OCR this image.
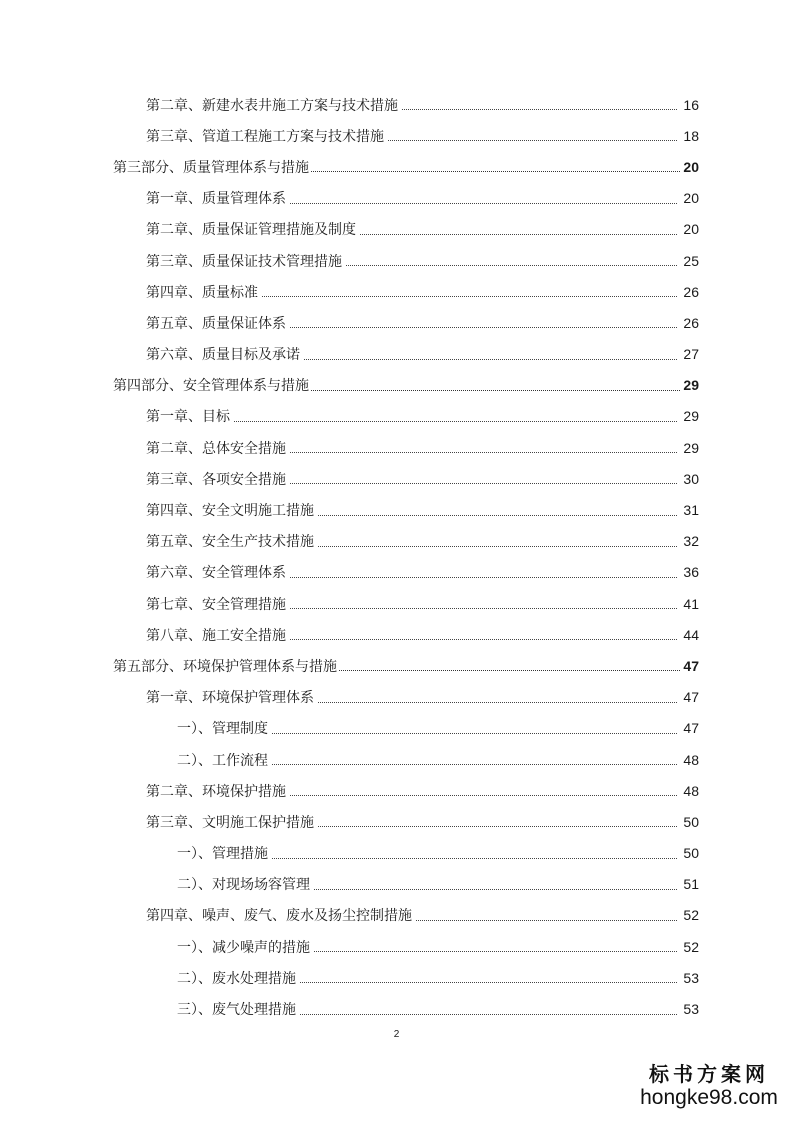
第二章、新建水表井施工方案与技术措施	16
第三章、管道工程施工方案与技术措施	18
第三部分、质量管理体系与措施	20
第一章、质量管理体系	20
第二章、质量保证管理措施及制度	20
第三章、质量保证技术管理措施	25
第四章、质量标准	26
第五章、质量保证体系	26
第六章、质量目标及承诺	27
第四部分、安全管理体系与措施	29
第一章、目标	29
第二章、总体安全措施	29
第三章、各项安全措施	30
第四章、安全文明施工措施	31
第五章、安全生产技术措施	32
第六章、安全管理体系	36
第七章、安全管理措施	41
第八章、施工安全措施	44
第五部分、环境保护管理体系与措施	47
第一章、环境保护管理体系	47
一）、管理制度	47
二）、工作流程	48
第二章、环境保护措施	48
第三章、文明施工保护措施	50
一）、管理措施	50
二）、对现场场容管理	51
第四章、噪声、废气、废水及扬尘控制措施	52
一）、减少噪声的措施	52
二）、废水处理措施	53
三）、废气处理措施	53
2
标书方案网
hongke98.com
